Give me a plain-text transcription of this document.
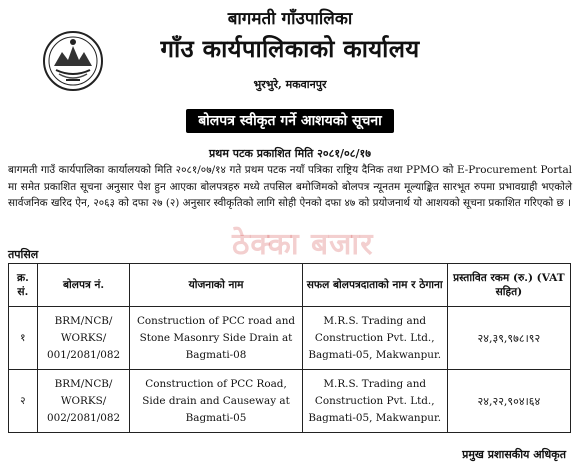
बागमती गाँउपालिका
गाँउ कार्यपालिकाको कार्यालय
भुरभुरे, मकवानपुर
बोलपत्र स्वीकृत गर्ने आशयको सूचना
प्रथम पटक प्रकाशित मिति २०८१/०८/१७
बागमती गाउँ कार्यपालिका कार्यालयको मिति २०८१/०७/१४ गते प्रथम पटक नयाँ पत्रिका राष्ट्रिय दैनिक तथा PPMO को E-Procurement Portal मा समेत प्रकाशित सूचना अनुसार पेश हुन आएका बोलपत्रहरु मध्ये तपसिल बमोजिमको बोलपत्र न्यूनतम मूल्याङ्कित सारभूत रुपमा प्रभावग्राही भएकोले सार्वजनिक खरिद ऐन, २०६३ को दफा २७ (२) अनुसार स्वीकृतिको लागि सोही ऐनको दफा ४७ को प्रयोजनार्थ यो आशयको सूचना प्रकाशित गरिएको छ ।
ठेक्का बजार
तपसिल
क्र. सं.	बोलपत्र नं.	योजनाको नाम	सफल बोलपत्रदाताको नाम र ठेगाना	प्रस्तावित रकम (रु.) (VAT सहित)
१	BRM/NCB/ WORKS/ 001/2081/082	Construction of PCC road and Stone Masonry Side Drain at Bagmati-08	M.R.S. Trading and Construction Pvt. Ltd., Bagmati-05, Makwanpur.	२४,३९,९७८।९२
२	BRM/NCB/ WORKS/ 002/2081/082	Construction of PCC Road, Side drain and Causeway at Bagmati-05	M.R.S. Trading and Construction Pvt. Ltd., Bagmati-05, Makwanpur.	२४,२२,९०४।६४
प्रमुख प्रशासकीय अधिकृत
